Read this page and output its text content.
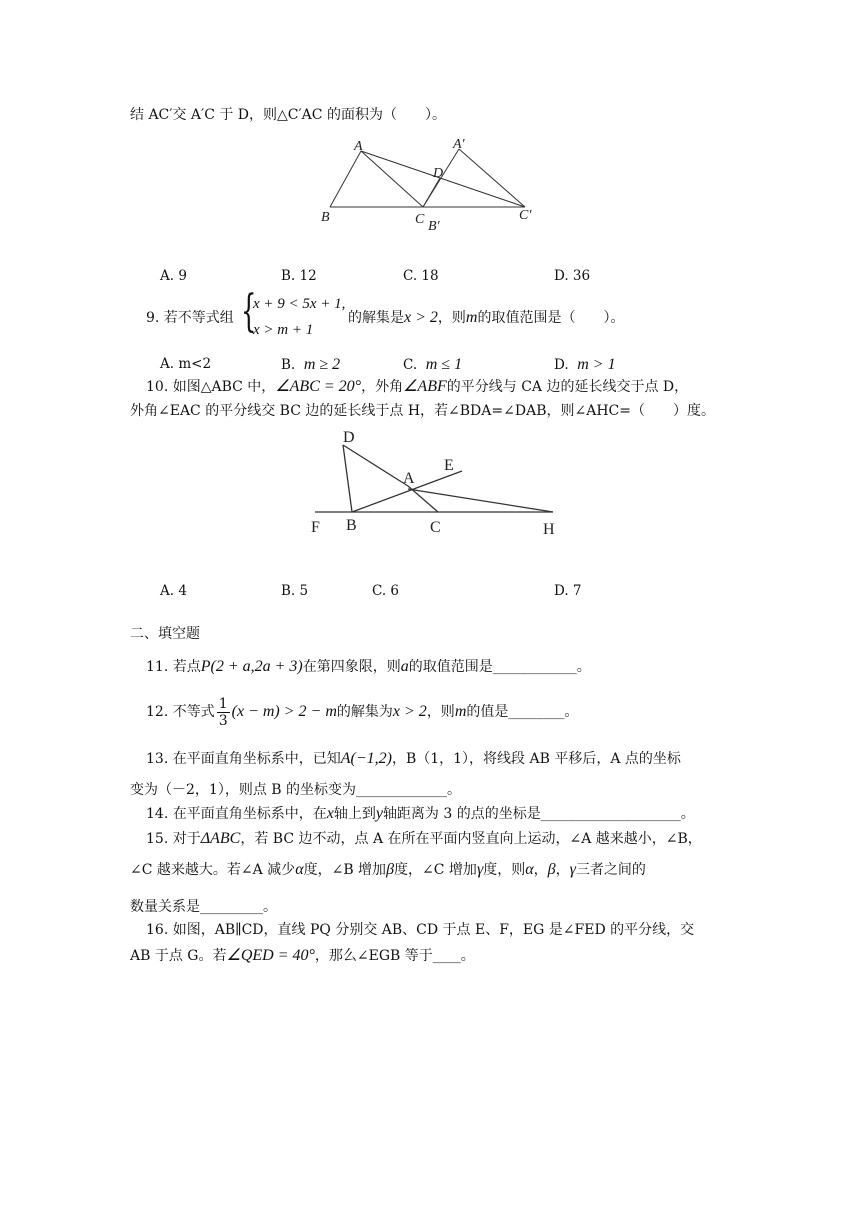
结 AC′交 A′C 于 D，则△C′AC 的面积为（　　）。
A	A′
D
B	C B′
C′
A. 9	B. 12	C. 18	D. 36
9. 若不等式组 {
x + 9 < 5x + 1,
x > m + 1
的解集是x > 2，则m的取值范围是（　　）。
A. m<2	B. m ≥ 2	C. m ≤ 1	D. m > 1
10. 如图△ABC 中，∠ABC = 20°，外角∠ABF的平分线与 CA 边的延长线交于点 D，
外角∠EAC 的平分线交 BC 边的延长线于点 H，若∠BDA=∠DAB，则∠AHC=（　　）度。
D
E
A
F B	C	H
A. 4	B. 5	C. 6	D. 7
二、填空题
11. 若点P(2 + a,2a + 3)在第四象限，则a的取值范围是____________。
12. 不等式 $\frac{1}{3} (x - m) > 2 - m$的解集为x > 2，则m的值是________。
13. 在平面直角坐标系中，已知A(−1,2)，B（1，1），将线段 AB 平移后，A 点的坐标
变为（－2，1），则点 B 的坐标变为_____________。
14. 在平面直角坐标系中，在x轴上到y轴距离为 3 的点的坐标是____________________。
15. 对于ΔABC，若 BC 边不动，点 A 在所在平面内竖直向上运动，∠A 越来越小，∠B，
∠C 越来越大。若∠A 减少α度，∠B 增加β度，∠C 增加γ度，则α，β，γ三者之间的
数量关系是_________。
16. 如图，AB∥CD，直线 PQ 分别交 AB、CD 于点 E、F，EG 是∠FED 的平分线，交
AB 于点 G。若∠QED = 40°，那么∠EGB 等于____。
